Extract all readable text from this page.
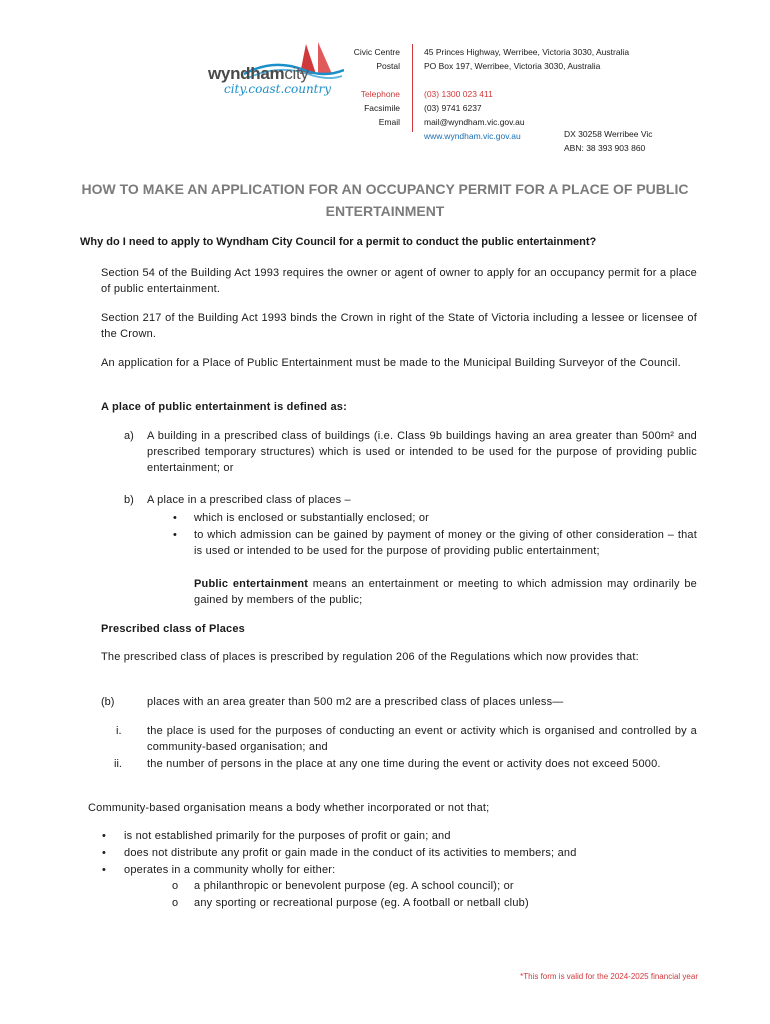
wyndhamcity
city.coast.country
Civic Centre
Postal
Telephone
Facsimile
Email
45 Princes Highway, Werribee, Victoria 3030, Australia
PO Box 197, Werribee, Victoria 3030, Australia
(03) 1300 023 411
(03) 9741 6237
mail@wyndham.vic.gov.au
www.wyndham.vic.gov.au	DX 30258 Werribee Vic
ABN: 38 393 903 860
HOW TO MAKE AN APPLICATION FOR AN OCCUPANCY PERMIT FOR A PLACE OF PUBLIC ENTERTAINMENT
Why do I need to apply to Wyndham City Council for a permit to conduct the public entertainment?
Section 54 of the Building Act 1993 requires the owner or agent of owner to apply for an occupancy permit for a place of public entertainment.
Section 217 of the Building Act 1993 binds the Crown in right of the State of Victoria including a lessee or licensee of the Crown.
An application for a Place of Public Entertainment must be made to the Municipal Building Surveyor of the Council.
A place of public entertainment is defined as:
a) A building in a prescribed class of buildings (i.e. Class 9b buildings having an area greater than 500m² and prescribed temporary structures) which is used or intended to be used for the purpose of providing public entertainment; or
b) A place in a prescribed class of places –
• which is enclosed or substantially enclosed; or
• to which admission can be gained by payment of money or the giving of other consideration – that is used or intended to be used for the purpose of providing public entertainment;
Public entertainment means an entertainment or meeting to which admission may ordinarily be gained by members of the public;
Prescribed class of Places
The prescribed class of places is prescribed by regulation 206 of the Regulations which now provides that:
(b)	places with an area greater than 500 m2 are a prescribed class of places unless—
i. the place is used for the purposes of conducting an event or activity which is organised and controlled by a community-based organisation; and
ii. the number of persons in the place at any one time during the event or activity does not exceed 5000.
Community-based organisation means a body whether incorporated or not that;
• is not established primarily for the purposes of profit or gain; and
• does not distribute any profit or gain made in the conduct of its activities to members; and
• operates in a community wholly for either:
o a philanthropic or benevolent purpose (eg. A school council); or
o any sporting or recreational purpose (eg. A football or netball club)
*This form is valid for the 2024-2025 financial year
